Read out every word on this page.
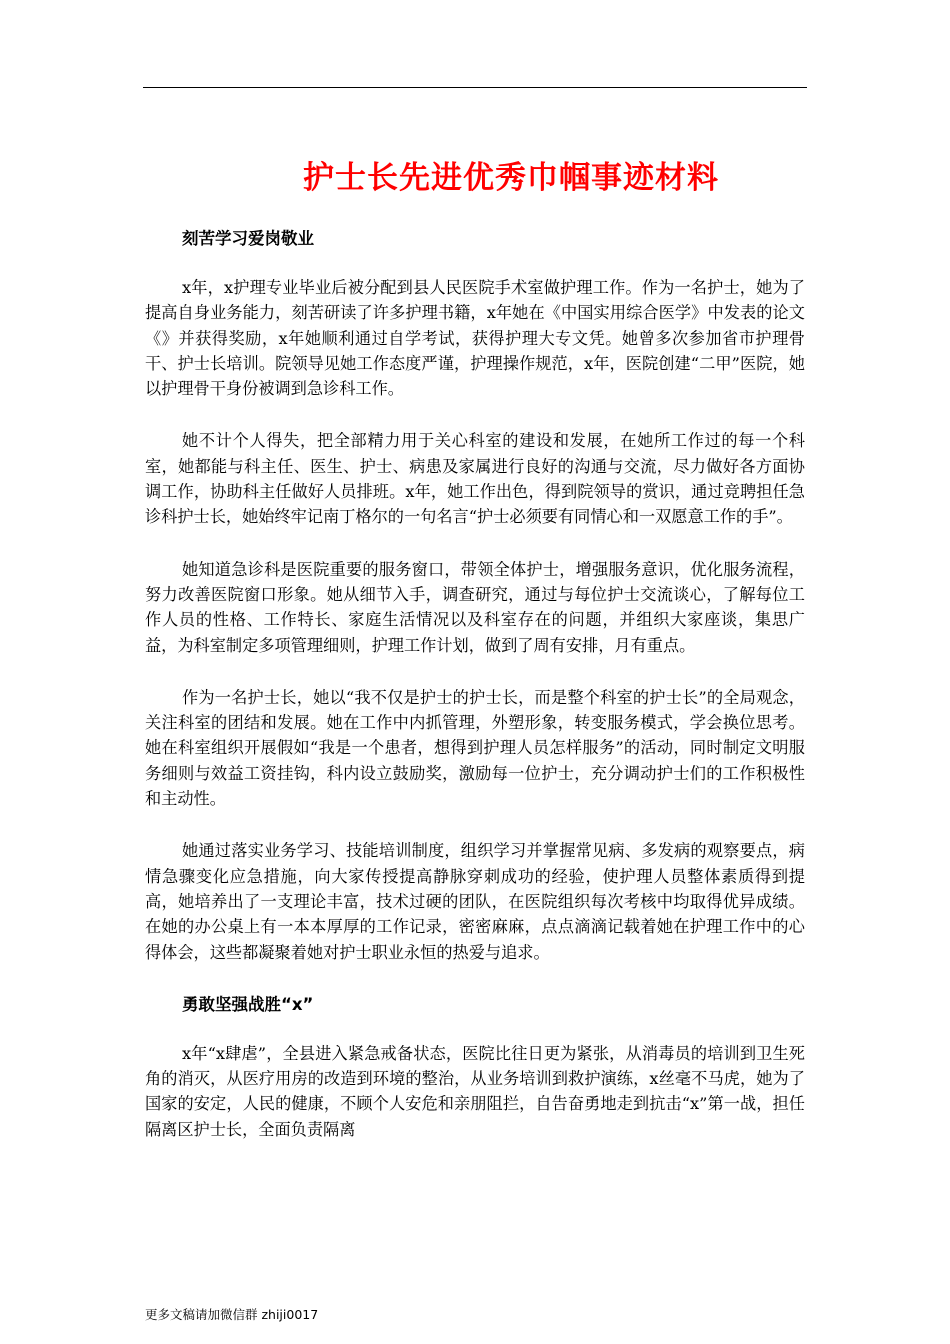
护士长先进优秀巾帼事迹材料

刻苦学习爱岗敬业

x年，x护理专业毕业后被分配到县人民医院手术室做护理工作。作为一名护士，她为了提高自身业务能力，刻苦研读了许多护理书籍，x年她在《中国实用综合医学》中发表的论文《》并获得奖励，x年她顺利通过自学考试，获得护理大专文凭。她曾多次参加省市护理骨干、护士长培训。院领导见她工作态度严谨，护理操作规范，x年，医院创建“二甲”医院，她以护理骨干身份被调到急诊科工作。

她不计个人得失，把全部精力用于关心科室的建设和发展，在她所工作过的每一个科室，她都能与科主任、医生、护士、病患及家属进行良好的沟通与交流，尽力做好各方面协调工作，协助科主任做好人员排班。x年，她工作出色，得到院领导的赏识，通过竞聘担任急诊科护士长，她始终牢记南丁格尔的一句名言“护士必须要有同情心和一双愿意工作的手”。

她知道急诊科是医院重要的服务窗口，带领全体护士，增强服务意识，优化服务流程，努力改善医院窗口形象。她从细节入手，调查研究，通过与每位护士交流谈心，了解每位工作人员的性格、工作特长、家庭生活情况以及科室存在的问题，并组织大家座谈，集思广益，为科室制定多项管理细则，护理工作计划，做到了周有安排，月有重点。

作为一名护士长，她以“我不仅是护士的护士长，而是整个科室的护士长”的全局观念，关注科室的团结和发展。她在工作中内抓管理，外塑形象，转变服务模式，学会换位思考。她在科室组织开展假如“我是一个患者，想得到护理人员怎样服务”的活动，同时制定文明服务细则与效益工资挂钩，科内设立鼓励奖，激励每一位护士，充分调动护士们的工作积极性和主动性。

她通过落实业务学习、技能培训制度，组织学习并掌握常见病、多发病的观察要点，病情急骤变化应急措施，向大家传授提高静脉穿刺成功的经验，使护理人员整体素质得到提高，她培养出了一支理论丰富，技术过硬的团队，在医院组织每次考核中均取得优异成绩。在她的办公桌上有一本本厚厚的工作记录，密密麻麻，点点滴滴记载着她在护理工作中的心得体会，这些都凝聚着她对护士职业永恒的热爱与追求。

勇敢坚强战胜“x”

x年“x肆虐”，全县进入紧急戒备状态，医院比往日更为紧张，从消毒员的培训到卫生死角的消灭，从医疗用房的改造到环境的整治，从业务培训到救护演练，x丝毫不马虎，她为了国家的安定，人民的健康，不顾个人安危和亲朋阻拦，自告奋勇地走到抗击“x”第一战，担任隔离区护士长，全面负责隔离

更多文稿请加微信群 zhiji0017
